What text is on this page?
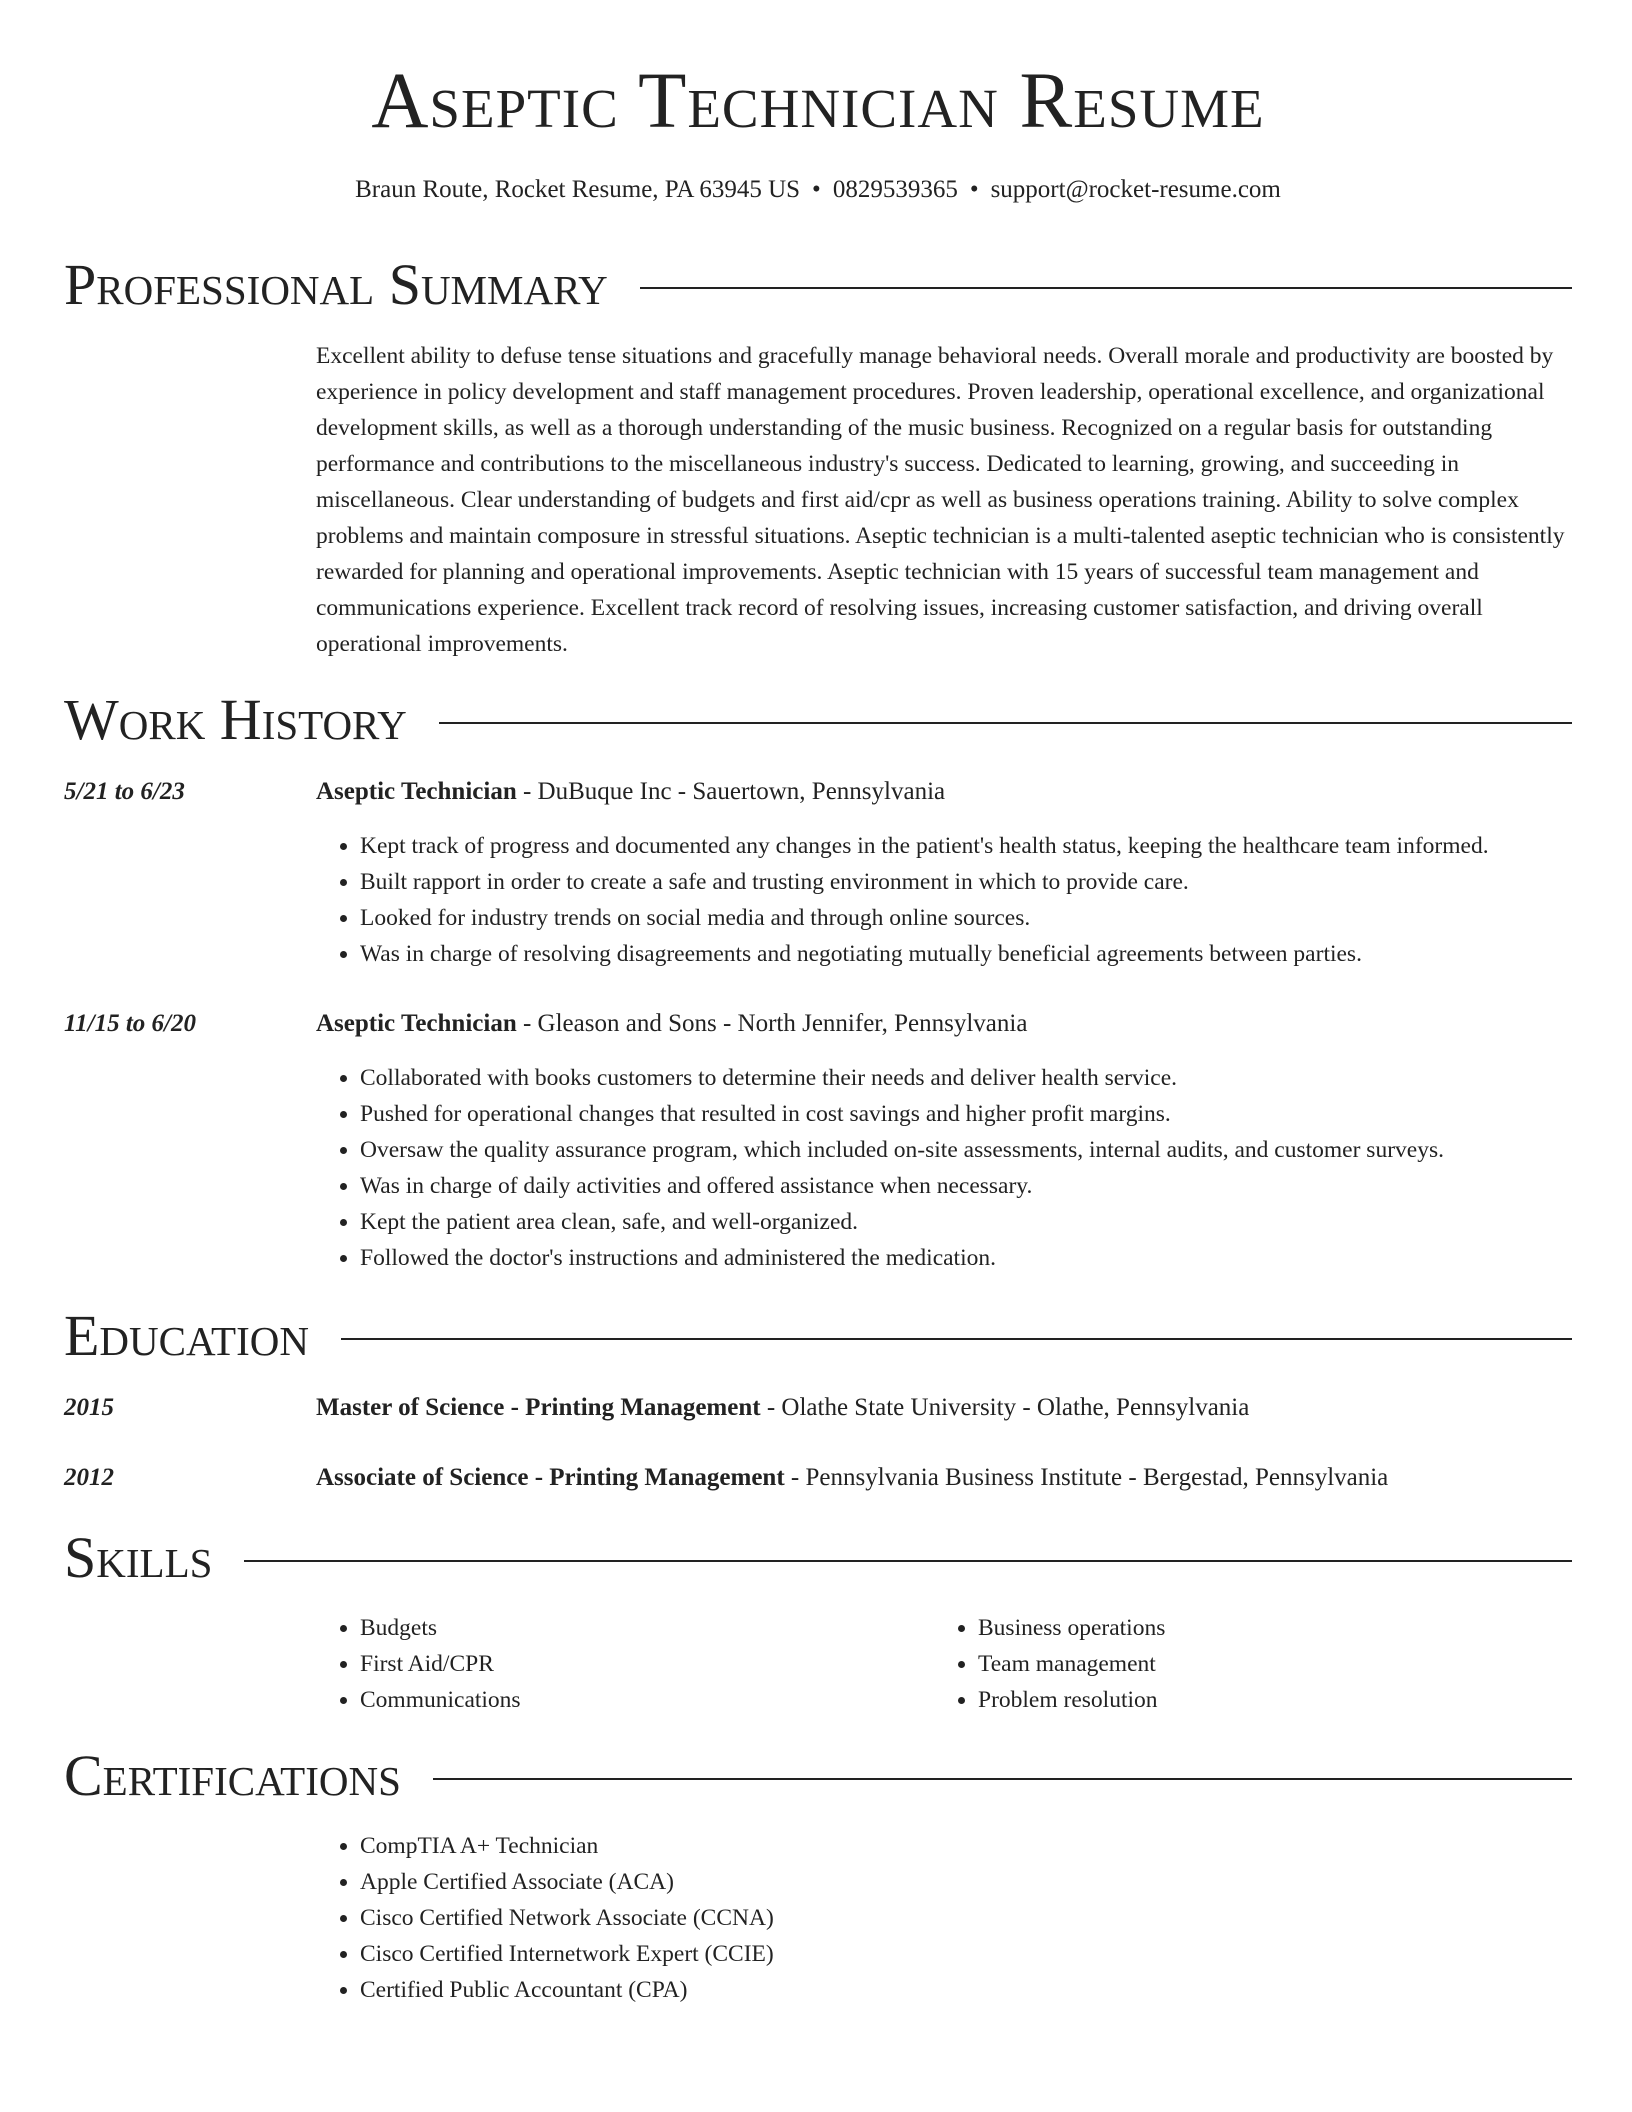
Aseptic Technician Resume
Braun Route, Rocket Resume, PA 63945 US • 0829539365 • support@rocket-resume.com
Professional Summary

Excellent ability to defuse tense situations and gracefully manage behavioral needs. Overall morale and productivity are boosted by experience in policy development and staff management procedures. Proven leadership, operational excellence, and organizational development skills, as well as a thorough understanding of the music business. Recognized on a regular basis for outstanding performance and contributions to the miscellaneous industry's success. Dedicated to learning, growing, and succeeding in miscellaneous. Clear understanding of budgets and first aid/cpr as well as business operations training. Ability to solve complex problems and maintain composure in stressful situations. Aseptic technician is a multi-talented aseptic technician who is consistently rewarded for planning and operational improvements. Aseptic technician with 15 years of successful team management and communications experience. Excellent track record of resolving issues, increasing customer satisfaction, and driving overall operational improvements.

Work History
5/21 to 6/23	Aseptic Technician - DuBuque Inc - Sauertown, Pennsylvania
• Kept track of progress and documented any changes in the patient's health status, keeping the healthcare team informed.
• Built rapport in order to create a safe and trusting environment in which to provide care.
• Looked for industry trends on social media and through online sources.
• Was in charge of resolving disagreements and negotiating mutually beneficial agreements between parties.
11/15 to 6/20	Aseptic Technician - Gleason and Sons - North Jennifer, Pennsylvania
• Collaborated with books customers to determine their needs and deliver health service.
• Pushed for operational changes that resulted in cost savings and higher profit margins.
• Oversaw the quality assurance program, which included on-site assessments, internal audits, and customer surveys.
• Was in charge of daily activities and offered assistance when necessary.
• Kept the patient area clean, safe, and well-organized.
• Followed the doctor's instructions and administered the medication.
Education
2015	Master of Science - Printing Management - Olathe State University - Olathe, Pennsylvania
2012	Associate of Science - Printing Management - Pennsylvania Business Institute - Bergestad, Pennsylvania
Skills
• Budgets
• First Aid/CPR
• Communications
• Business operations
• Team management
• Problem resolution
Certifications
• CompTIA A+ Technician
• Apple Certified Associate (ACA)
• Cisco Certified Network Associate (CCNA)
• Cisco Certified Internetwork Expert (CCIE)
• Certified Public Accountant (CPA)
